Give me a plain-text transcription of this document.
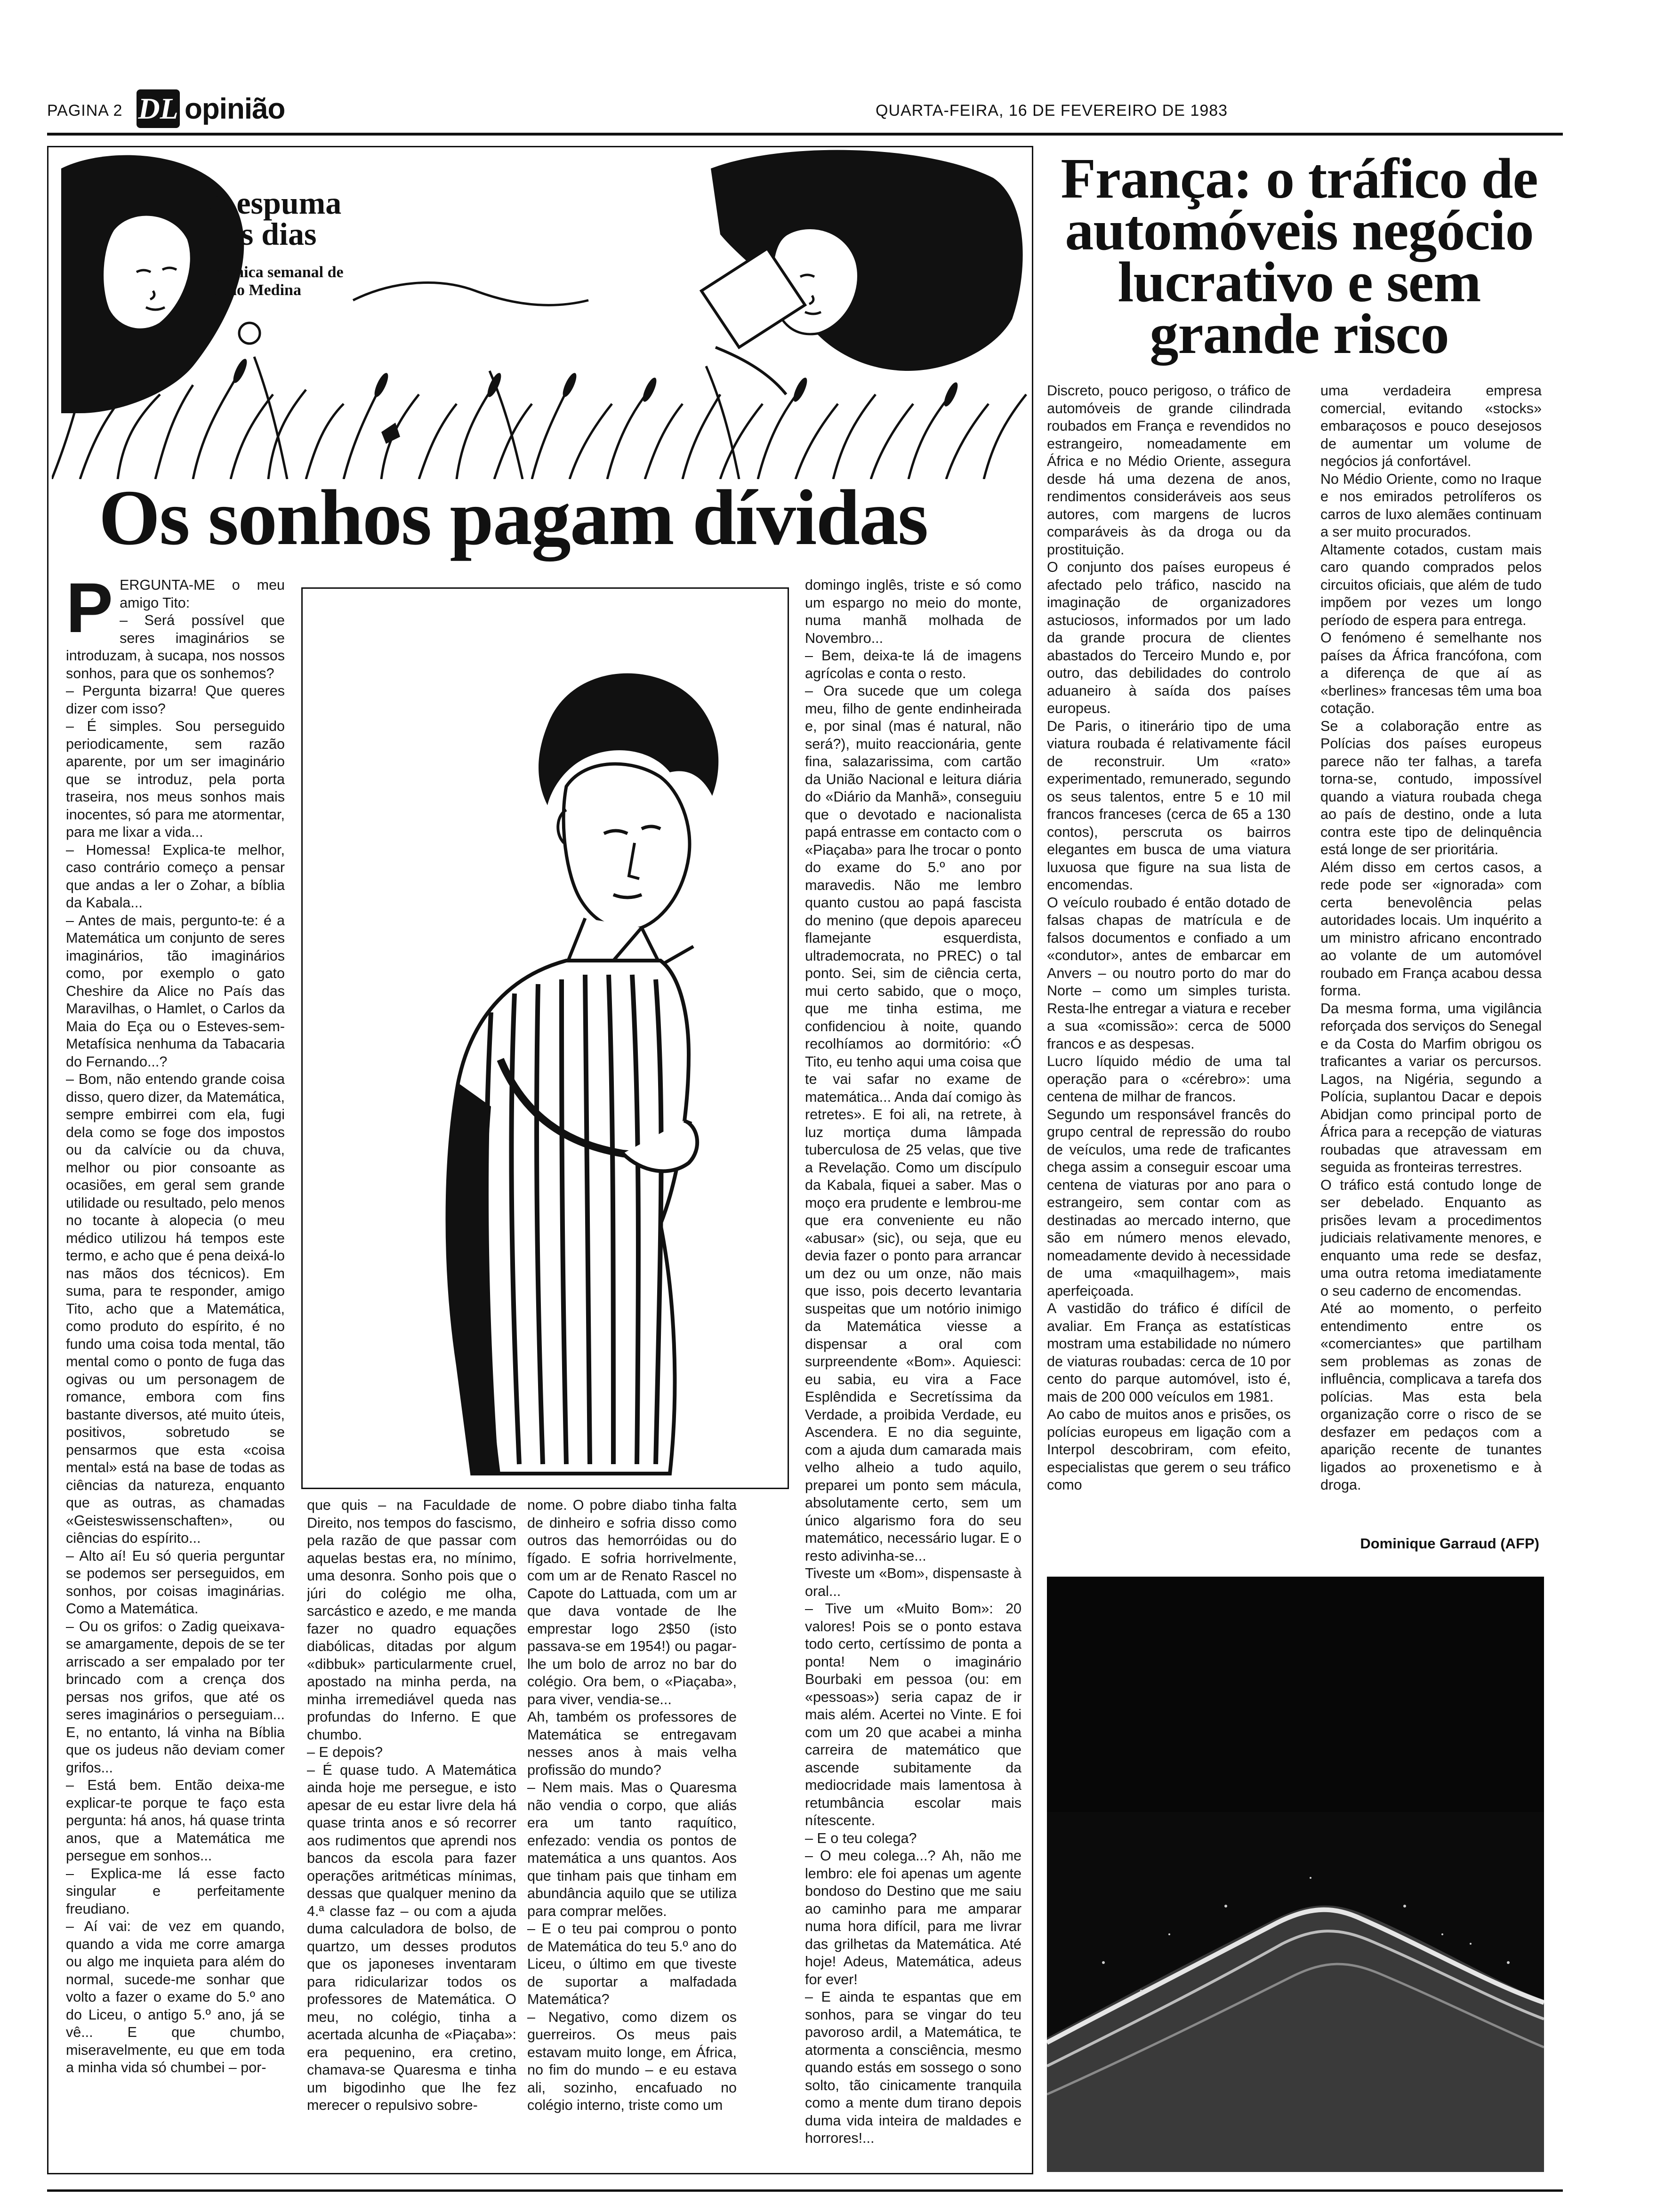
PAGINA 2 DL opinião	QUARTA-FEIRA, 16 DE FEVEREIRO DE 1983
A espuma dos dias
crónica semanal de João Medina
Os sonhos pagam dívidas
P ERGUNTA-ME o meu amigo Tito:

– Será possível que seres imaginários se introduzam, à sucapa, nos nossos sonhos, para que os sonhemos?

– Pergunta bizarra! Que queres dizer com isso?

– É simples. Sou perseguido periodicamente, sem razão aparente, por um ser imaginário que se introduz, pela porta traseira, nos meus sonhos mais inocentes, só para me atormentar, para me lixar a vida...

– Homessa! Explica-te melhor, caso contrário começo a pensar que andas a ler o Zohar, a bíblia da Kabala...

– Antes de mais, pergunto-te: é a Matemática um conjunto de seres imaginários, tão imaginários como, por exemplo o gato Cheshire da Alice no País das Maravilhas, o Hamlet, o Carlos da Maia do Eça ou o Esteves-sem-Metafísica nenhuma da Tabacaria do Fernando...?

– Bom, não entendo grande coisa disso, quero dizer, da Matemática, sempre embirrei com ela, fugi dela como se foge dos impostos ou da calvície ou da chuva, melhor ou pior consoante as ocasiões, em geral sem grande utilidade ou resultado, pelo menos no tocante à alopecia (o meu médico utilizou há tempos este termo, e acho que é pena deixá-lo nas mãos dos técnicos). Em suma, para te responder, amigo Tito, acho que a Matemática, como produto do espírito, é no fundo uma coisa toda mental, tão mental como o ponto de fuga das ogivas ou um personagem de romance, embora com fins bastante diversos, até muito úteis, positivos, sobretudo se pensarmos que esta «coisa mental» está na base de todas as ciências da natureza, enquanto que as outras, as chamadas «Geisteswissenschaften», ou ciências do espírito...

– Alto aí! Eu só queria perguntar se podemos ser perseguidos, em sonhos, por coisas imaginárias. Como a Matemática.

– Ou os grifos: o Zadig queixava-se amargamente, depois de se ter arriscado a ser empalado por ter brincado com a crença dos persas nos grifos, que até os seres imaginários o perseguiam... E, no entanto, lá vinha na Bíblia que os judeus não deviam comer grifos...

– Está bem. Então deixa-me explicar-te porque te faço esta pergunta: há anos, há quase trinta anos, que a Matemática me persegue em sonhos...

– Explica-me lá esse facto singular e perfeitamente freudiano.

– Aí vai: de vez em quando, quando a vida me corre amarga ou algo me inquieta para além do normal, sucede-me sonhar que volto a fazer o exame do 5.º ano do Liceu, o antigo 5.º ano, já se vê... E que chumbo, miseravelmente, eu que em toda a minha vida só chumbei – por-

que quis – na Faculdade de Direito, nos tempos do fascismo, pela razão de que passar com aquelas bestas era, no mínimo, uma desonra. Sonho pois que o júri do colégio me olha, sarcástico e azedo, e me manda fazer no quadro equações diabólicas, ditadas por algum «dibbuk» particularmente cruel, apostado na minha perda, na minha irremediável queda nas profundas do Inferno. E que chumbo.

– E depois?

– É quase tudo. A Matemática ainda hoje me persegue, e isto apesar de eu estar livre dela há quase trinta anos e só recorrer aos rudimentos que aprendi nos bancos da escola para fazer operações aritméticas mínimas, dessas que qualquer menino da 4.ª classe faz – ou com a ajuda duma calculadora de bolso, de quartzo, um desses produtos que os japoneses inventaram para ridicularizar todos os professores de Matemática. O meu, no colégio, tinha a acertada alcunha de «Piaçaba»: era pequenino, era cretino, chamava-se Quaresma e tinha um bigodinho que lhe fez merecer o repulsivo sobre-

nome. O pobre diabo tinha falta de dinheiro e sofria disso como outros das hemorróidas ou do fígado. E sofria horrivelmente, com um ar de Renato Rascel no Capote do Lattuada, com um ar que dava vontade de lhe emprestar logo 2$50 (isto passava-se em 1954!) ou pagar-lhe um bolo de arroz no bar do colégio. Ora bem, o «Piaçaba», para viver, vendia-se...

Ah, também os professores de Matemática se entregavam nesses anos à mais velha profissão do mundo?

– Nem mais. Mas o Quaresma não vendia o corpo, que aliás era um tanto raquítico, enfezado: vendia os pontos de matemática a uns quantos. Aos que tinham pais que tinham em abundância aquilo que se utiliza para comprar melões.

– E o teu pai comprou o ponto de Matemática do teu 5.º ano do Liceu, o último em que tiveste de suportar a malfadada Matemática?

– Negativo, como dizem os guerreiros. Os meus pais estavam muito longe, em África, no fim do mundo – e eu estava ali, sozinho, encafuado no colégio interno, triste como um

domingo inglês, triste e só como um espargo no meio do monte, numa manhã molhada de Novembro...

– Bem, deixa-te lá de imagens agrícolas e conta o resto.

– Ora sucede que um colega meu, filho de gente endinheirada e, por sinal (mas é natural, não será?), muito reaccionária, gente fina, salazarissima, com cartão da União Nacional e leitura diária do «Diário da Manhã», conseguiu que o devotado e nacionalista papá entrasse em contacto com o «Piaçaba» para lhe trocar o ponto do exame do 5.º ano por maravedis. Não me lembro quanto custou ao papá fascista do menino (que depois apareceu flamejante esquerdista, ultrademocrata, no PREC) o tal ponto. Sei, sim de ciência certa, mui certo sabido, que o moço, que me tinha estima, me confidenciou à noite, quando recolhíamos ao dormitório: «Ó Tito, eu tenho aqui uma coisa que te vai safar no exame de matemática... Anda daí comigo às retretes». E foi ali, na retrete, à luz mortiça duma lâmpada tuberculosa de 25 velas, que tive a Revelação. Como um discípulo da Kabala, fiquei a saber. Mas o moço era prudente e lembrou-me que era conveniente eu não «abusar» (sic), ou seja, que eu devia fazer o ponto para arrancar um dez ou um onze, não mais que isso, pois decerto levantaria suspeitas que um notório inimigo da Matemática viesse a dispensar a oral com surpreendente «Bom». Aquiesci: eu sabia, eu vira a Face Esplêndida e Secretíssima da Verdade, a proibida Verdade, eu Ascendera. E no dia seguinte, com a ajuda dum camarada mais velho alheio a tudo aquilo, preparei um ponto sem mácula, absolutamente certo, sem um único algarismo fora do seu matemático, necessário lugar. E o resto adivinha-se...

Tiveste um «Bom», dispensaste à oral...

– Tive um «Muito Bom»: 20 valores! Pois se o ponto estava todo certo, certíssimo de ponta a ponta! Nem o imaginário Bourbaki em pessoa (ou: em «pessoas») seria capaz de ir mais além. Acertei no Vinte. E foi com um 20 que acabei a minha carreira de matemático que ascende subitamente da mediocridade mais lamentosa à retumbância escolar mais nítescente.

– E o teu colega?

– O meu colega...? Ah, não me lembro: ele foi apenas um agente bondoso do Destino que me saiu ao caminho para me amparar numa hora difícil, para me livrar das grilhetas da Matemática. Até hoje! Adeus, Matemática, adeus for ever!

– E ainda te espantas que em sonhos, para se vingar do teu pavoroso ardil, a Matemática, te atormenta a consciência, mesmo quando estás em sossego o sono solto, tão cinicamente tranquila como a mente dum tirano depois duma vida inteira de maldades e horrores!...

França: o tráfico de automóveis negócio lucrativo e sem grande risco

Discreto, pouco perigoso, o tráfico de automóveis de grande cilindrada roubados em França e revendidos no estrangeiro, nomeadamente em África e no Médio Oriente, assegura desde há uma dezena de anos, rendimentos consideráveis aos seus autores, com margens de lucros comparáveis às da droga ou da prostituição.

O conjunto dos países europeus é afectado pelo tráfico, nascido na imaginação de organizadores astuciosos, informados por um lado da grande procura de clientes abastados do Terceiro Mundo e, por outro, das debilidades do controlo aduaneiro à saída dos países europeus.

De Paris, o itinerário tipo de uma viatura roubada é relativamente fácil de reconstruir. Um «rato» experimentado, remunerado, segundo os seus talentos, entre 5 e 10 mil francos franceses (cerca de 65 a 130 contos), perscruta os bairros elegantes em busca de uma viatura luxuosa que figure na sua lista de encomendas.

O veículo roubado é então dotado de falsas chapas de matrícula e de falsos documentos e confiado a um «condutor», antes de embarcar em Anvers – ou noutro porto do mar do Norte – como um simples turista. Resta-lhe entregar a viatura e receber a sua «comissão»: cerca de 5000 francos e as despesas.

Lucro líquido médio de uma tal operação para o «cérebro»: uma centena de milhar de francos.

Segundo um responsável francês do grupo central de repressão do roubo de veículos, uma rede de traficantes chega assim a conseguir escoar uma centena de viaturas por ano para o estrangeiro, sem contar com as destinadas ao mercado interno, que são em número menos elevado, nomeadamente devido à necessidade de uma «maquilhagem», mais aperfeiçoada.

A vastidão do tráfico é difícil de avaliar. Em França as estatísticas mostram uma estabilidade no número de viaturas roubadas: cerca de 10 por cento do parque automóvel, isto é, mais de 200 000 veículos em 1981.

Ao cabo de muitos anos e prisões, os polícias europeus em ligação com a Interpol descobriram, com efeito, especialistas que gerem o seu tráfico como

uma verdadeira empresa comercial, evitando «stocks» embaraçosos e pouco desejosos de aumentar um volume de negócios já confortável.

No Médio Oriente, como no Iraque e nos emirados petrolíferos os carros de luxo alemães continuam a ser muito procurados.

Altamente cotados, custam mais caro quando comprados pelos circuitos oficiais, que além de tudo impõem por vezes um longo período de espera para entrega.

O fenómeno é semelhante nos países da África francófona, com a diferença de que aí as «berlines» francesas têm uma boa cotação.

Se a colaboração entre as Polícias dos países europeus parece não ter falhas, a tarefa torna-se, contudo, impossível quando a viatura roubada chega ao país de destino, onde a luta contra este tipo de delinquência está longe de ser prioritária.

Além disso em certos casos, a rede pode ser «ignorada» com certa benevolência pelas autoridades locais. Um inquérito a um ministro africano encontrado ao volante de um automóvel roubado em França acabou dessa forma.

Da mesma forma, uma vigilância reforçada dos serviços do Senegal e da Costa do Marfim obrigou os traficantes a variar os percursos. Lagos, na Nigéria, segundo a Polícia, suplantou Dacar e depois Abidjan como principal porto de África para a recepção de viaturas roubadas que atravessam em seguida as fronteiras terrestres.

O tráfico está contudo longe de ser debelado. Enquanto as prisões levam a procedimentos judiciais relativamente menores, e enquanto uma rede se desfaz, uma outra retoma imediatamente o seu caderno de encomendas.

Até ao momento, o perfeito entendimento entre os «comerciantes» que partilham sem problemas as zonas de influência, complicava a tarefa dos polícias. Mas esta bela organização corre o risco de se desfazer em pedaços com a aparição recente de tunantes ligados ao proxenetismo e à droga.

Dominique Garraud (AFP)
